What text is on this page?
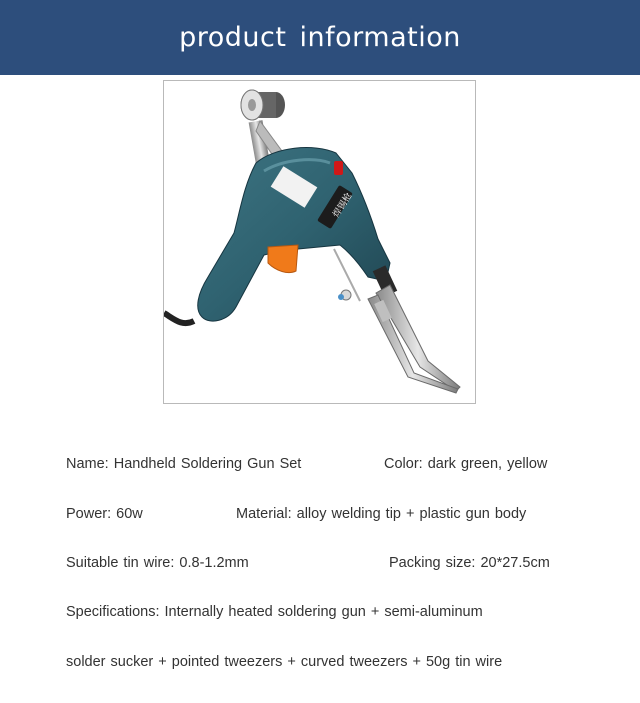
product information
焊锡枪
Name: Handheld Soldering Gun Set	Color: dark green, yellow
Power: 60w	Material: alloy welding tip + plastic gun body
Suitable tin wire: 0.8-1.2mm	Packing size: 20*27.5cm
Specifications: Internally heated soldering gun + semi-aluminum
solder sucker + pointed tweezers + curved tweezers + 50g tin wire
